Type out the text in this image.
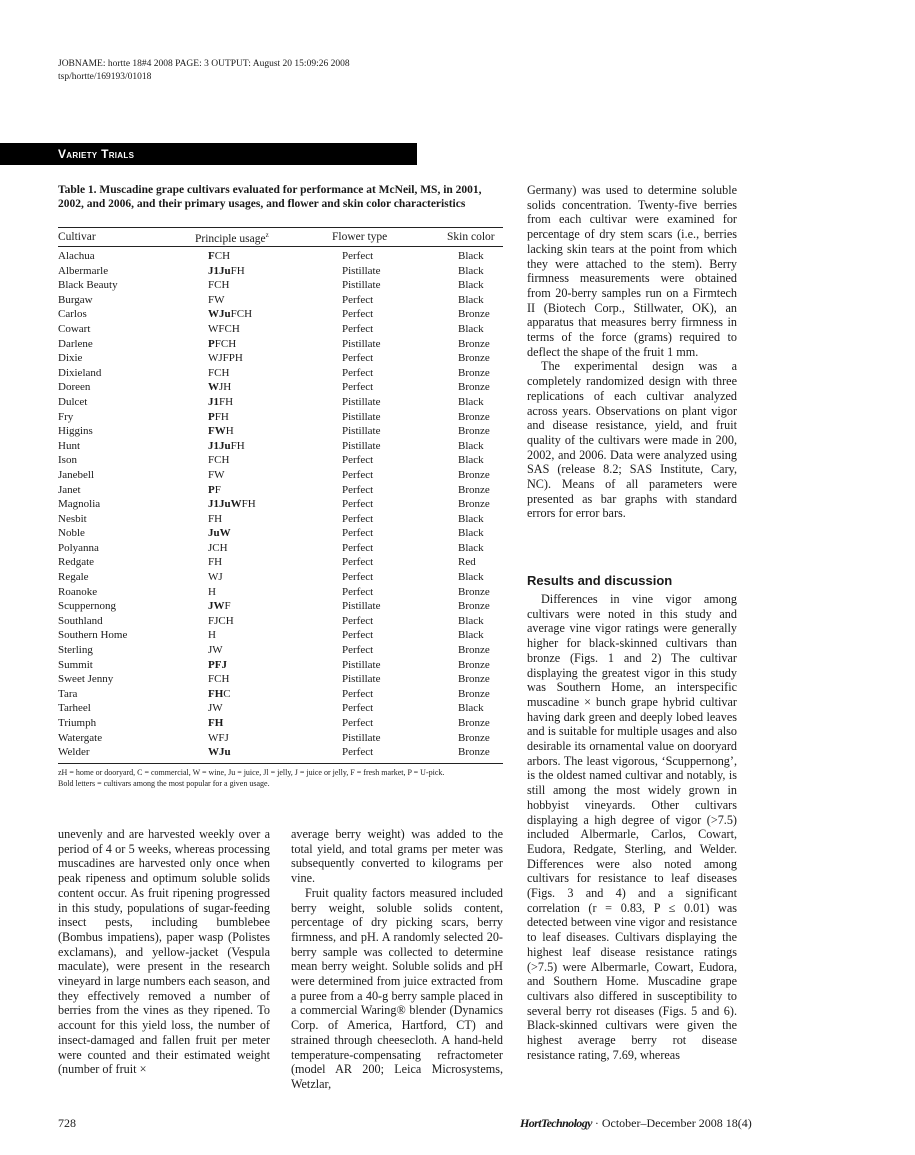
JOBNAME: hortte 18#4 2008 PAGE: 3 OUTPUT: August 20 15:09:26 2008
tsp/hortte/169193/01018
Variety Trials
Table 1. Muscadine grape cultivars evaluated for performance at McNeil, MS, in 2001, 2002, and 2006, and their primary usages, and flower and skin color characteristics
Cultivar	Principle usage$^z$	Flower type	Skin color
Alachua	FCH	Perfect	Black
Albermarle	J1JuFH	Pistillate	Black
Black Beauty	FCH	Pistillate	Black
Burgaw	FW	Perfect	Black
Carlos	WJuFCH	Perfect	Bronze
Cowart	WFCH	Perfect	Black
Darlene	PFCH	Pistillate	Bronze
Dixie	WJFPH	Perfect	Bronze
Dixieland	FCH	Perfect	Bronze
Doreen	WJH	Perfect	Bronze
Dulcet	J1FH	Pistillate	Black
Fry	PFH	Pistillate	Bronze
Higgins	FWH	Pistillate	Bronze
Hunt	J1JuFH	Pistillate	Black
Ison	FCH	Perfect	Black
Janebell	FW	Perfect	Bronze
Janet	PF	Perfect	Bronze
Magnolia	J1JuWFH	Perfect	Bronze
Nesbit	FH	Perfect	Black
Noble	JuW	Perfect	Black
Polyanna	JCH	Perfect	Black
Redgate	FH	Perfect	Red
Regale	WJ	Perfect	Black
Roanoke	H	Perfect	Bronze
Scuppernong	JWF	Pistillate	Bronze
Southland	FJCH	Perfect	Black
Southern Home	H	Perfect	Black
Sterling	JW	Perfect	Bronze
Summit	PFJ	Pistillate	Bronze
Sweet Jenny	FCH	Pistillate	Bronze
Tara	FHC	Perfect	Bronze
Tarheel	JW	Perfect	Black
Triumph	FH	Perfect	Bronze
Watergate	WFJ	Pistillate	Bronze
Welder	WJu	Perfect	Bronze
zH = home or dooryard, C = commercial, W = wine, Ju = juice, Jl = jelly, J = juice or jelly, F = fresh market, P = U-pick.
Bold letters = cultivars among the most popular for a given usage.

unevenly and are harvested weekly over a period of 4 or 5 weeks, whereas processing muscadines are harvested only once when peak ripeness and optimum soluble solids content occur. As fruit ripening progressed in this study, populations of sugar-feeding insect pests, including bumblebee (Bombus impatiens), paper wasp (Polistes exclamans), and yellow-jacket (Vespula maculate), were present in the research vineyard in large numbers each season, and they effectively removed a number of berries from the vines as they ripened. To account for this yield loss, the number of insect-damaged and fallen fruit per meter were counted and their estimated weight (number of fruit ×

average berry weight) was added to the total yield, and total grams per meter was subsequently converted to kilograms per vine.

Fruit quality factors measured included berry weight, soluble solids content, percentage of dry picking scars, berry firmness, and pH. A randomly selected 20-berry sample was collected to determine mean berry weight. Soluble solids and pH were determined from juice extracted from a puree from a 40-g berry sample placed in a commercial Waring® blender (Dynamics Corp. of America, Hartford, CT) and strained through cheesecloth. A hand-held temperature-compensating refractometer (model AR 200; Leica Microsystems, Wetzlar,

Germany) was used to determine soluble solids concentration. Twenty-five berries from each cultivar were examined for percentage of dry stem scars (i.e., berries lacking skin tears at the point from which they were attached to the stem). Berry firmness measurements were obtained from 20-berry samples run on a Firmtech II (Biotech Corp., Stillwater, OK), an apparatus that measures berry firmness in terms of the force (grams) required to deflect the shape of the fruit 1 mm.

The experimental design was a completely randomized design with three replications of each cultivar analyzed across years. Observations on plant vigor and disease resistance, yield, and fruit quality of the cultivars were made in 200, 2002, and 2006. Data were analyzed using SAS (release 8.2; SAS Institute, Cary, NC). Means of all parameters were presented as bar graphs with standard errors for error bars.

Results and discussion

Differences in vine vigor among cultivars were noted in this study and average vine vigor ratings were generally higher for black-skinned cultivars than bronze (Figs. 1 and 2) The cultivar displaying the greatest vigor in this study was Southern Home, an interspecific muscadine × bunch grape hybrid cultivar having dark green and deeply lobed leaves and is suitable for multiple usages and also desirable its ornamental value on dooryard arbors. The least vigorous, ‘Scuppernong’, is the oldest named cultivar and notably, is still among the most widely grown in hobbyist vineyards. Other cultivars displaying a high degree of vigor (>7.5) included Albermarle, Carlos, Cowart, Eudora, Redgate, Sterling, and Welder. Differences were also noted among cultivars for resistance to leaf diseases (Figs. 3 and 4) and a significant correlation (r = 0.83, P ≤ 0.01) was detected between vine vigor and resistance to leaf diseases. Cultivars displaying the highest leaf disease resistance ratings (>7.5) were Albermarle, Cowart, Eudora, and Southern Home. Muscadine grape cultivars also differed in susceptibility to several berry rot diseases (Figs. 5 and 6). Black-skinned cultivars were given the highest average berry rot disease resistance rating, 7.69, whereas

728	HortTechnology · October–December 2008 18(4)
